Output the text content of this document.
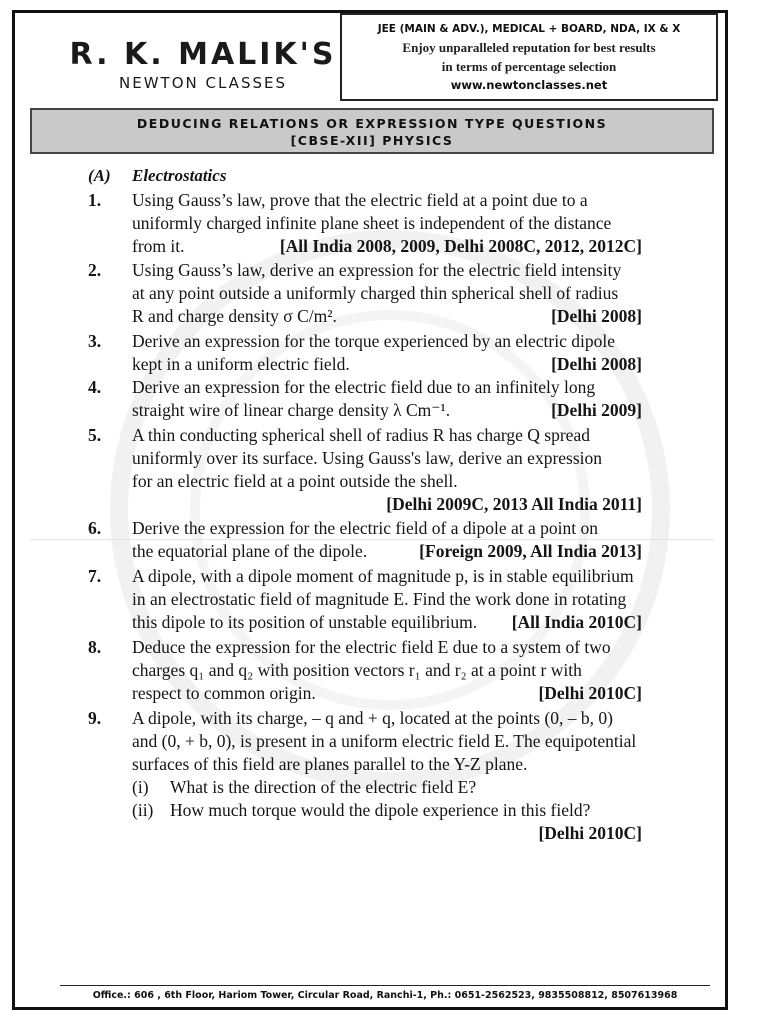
R. K. MALIK'S
NEWTON CLASSES
JEE (MAIN & ADV.), MEDICAL + BOARD, NDA, IX & X
Enjoy unparalleled reputation for best results
in terms of percentage selection
www.newtonclasses.net
DEDUCING RELATIONS OR EXPRESSION TYPE QUESTIONS
[CBSE-XII] PHYSICS
(A) Electrostatics
1. Using Gauss’s law, prove that the electric field at a point due to a
uniformly charged infinite plane sheet is independent of the distance
from it.	[All India 2008, 2009, Delhi 2008C, 2012, 2012C]
2. Using Gauss’s law, derive an expression for the electric field intensity
at any point outside a uniformly charged thin spherical shell of radius
R and charge density σ C/m².	[Delhi 2008]
3. Derive an expression for the torque experienced by an electric dipole
kept in a uniform electric field.	[Delhi 2008]
4. Derive an expression for the electric field due to an infinitely long
straight wire of linear charge density λ Cm⁻¹.	[Delhi 2009]
5. A thin conducting spherical shell of radius R has charge Q spread
uniformly over its surface. Using Gauss's law, derive an expression
for an electric field at a point outside the shell.
[Delhi 2009C, 2013 All India 2011]
6. Derive the expression for the electric field of a dipole at a point on
the equatorial plane of the dipole.	[Foreign 2009, All India 2013]
7. A dipole, with a dipole moment of magnitude p, is in stable equilibrium
in an electrostatic field of magnitude E. Find the work done in rotating
this dipole to its position of unstable equilibrium. [All India 2010C]
8. Deduce the expression for the electric field E due to a system of two
charges q₁ and q₂ with position vectors r₁ and r₂ at a point r with
respect to common origin.	[Delhi 2010C]
9. A dipole, with its charge, – q and + q, located at the points (0, – b, 0)
and (0, + b, 0), is present in a uniform electric field E. The equipotential
surfaces of this field are planes parallel to the Y-Z plane.
(i) What is the direction of the electric field E?
(ii) How much torque would the dipole experience in this field?
[Delhi 2010C]
Office.: 606 , 6th Floor, Hariom Tower, Circular Road, Ranchi-1, Ph.: 0651-2562523, 9835508812, 8507613968
